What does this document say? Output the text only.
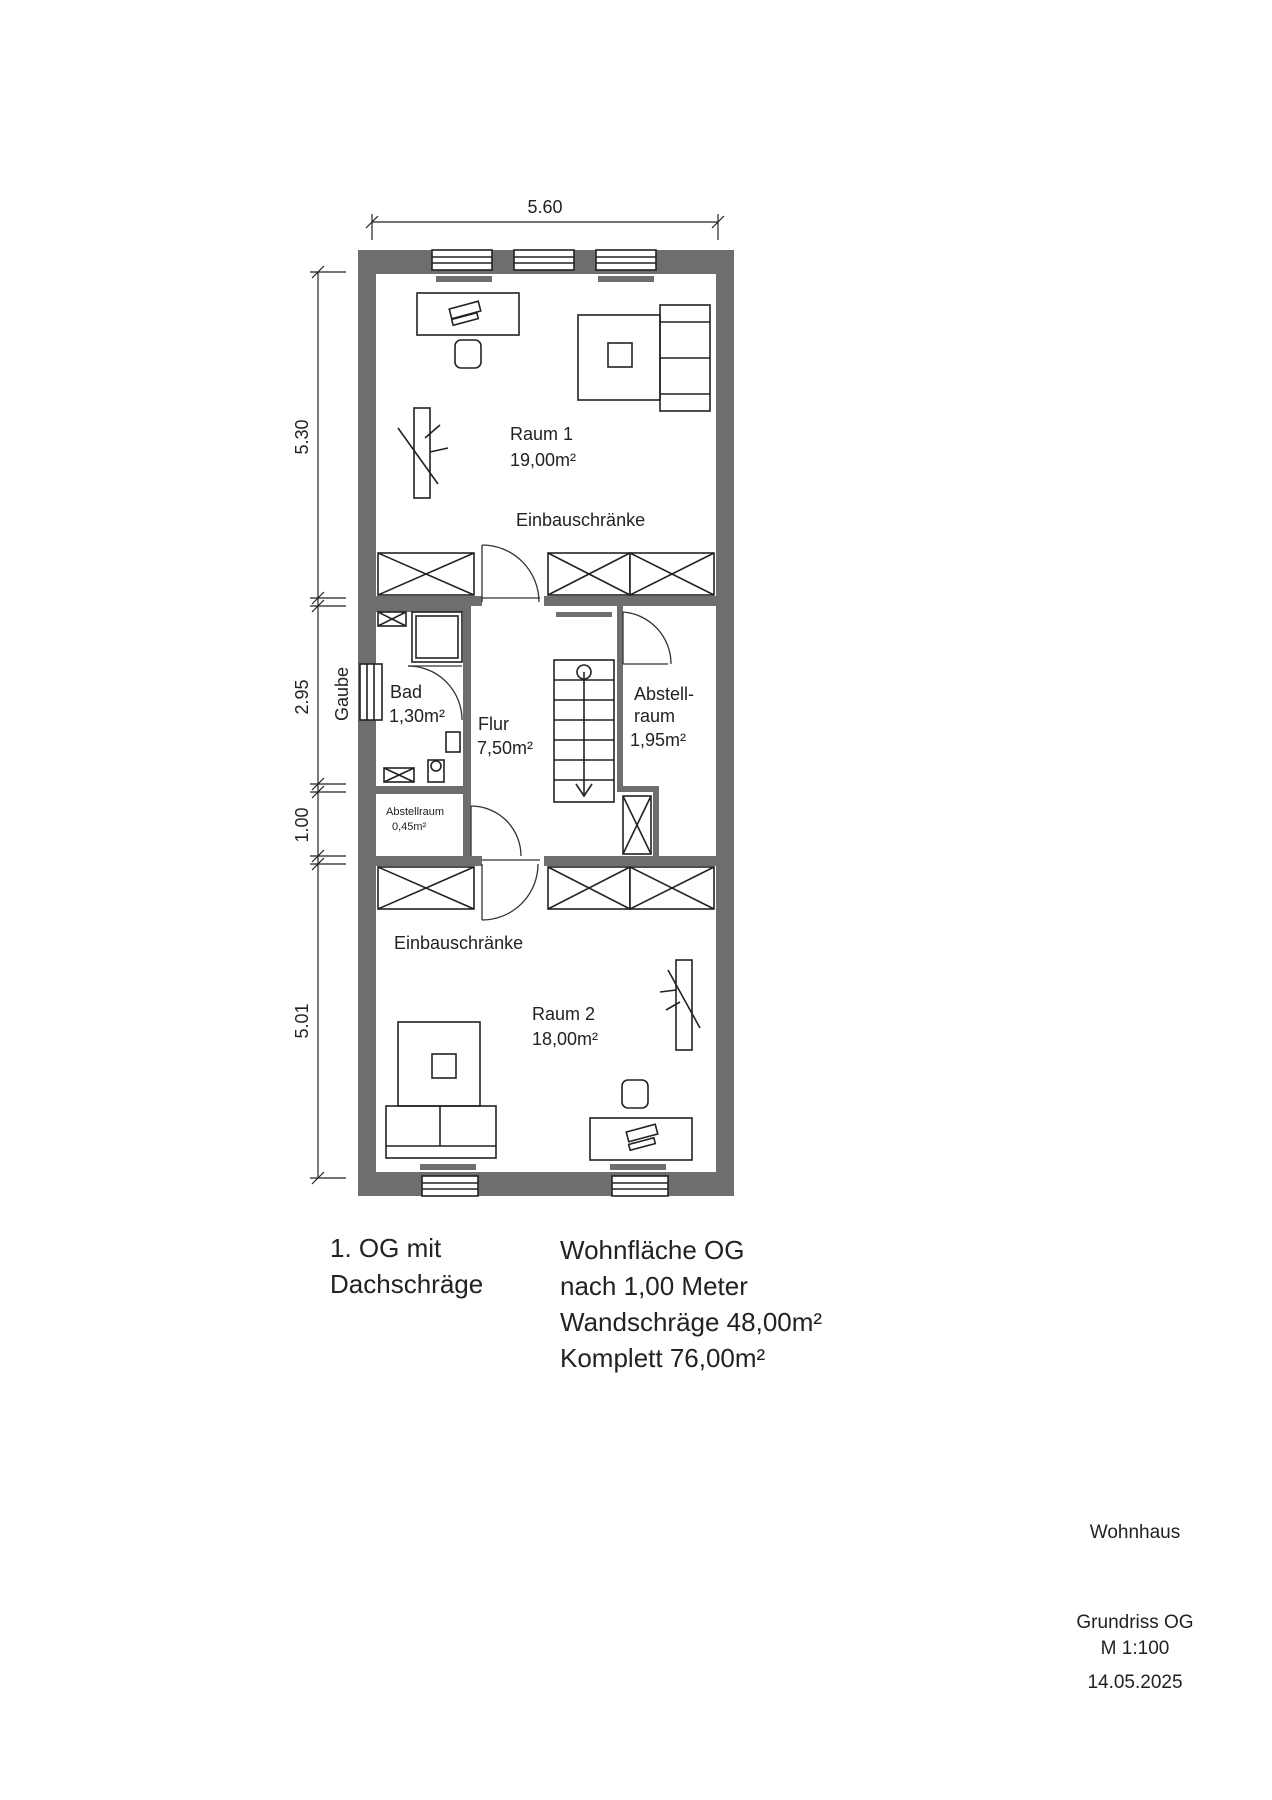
5.60
5.30
2.95
1.00
5.01
Gaube
Einbauschränke
Einbauschränke
Raum 1
19,00m²
Raum 2
18,00m²
Bad
1,30m² Flur
7,50m²
Abstell-
raum
1,95m²
Abstellraum
0,45m²
1. OG mit
Dachschräge
Wohnfläche OG
nach 1,00 Meter
Wandschräge 48,00m²
Komplett 76,00m²
Wohnhaus
Grundriss OG
M 1:100
14.05.2025
